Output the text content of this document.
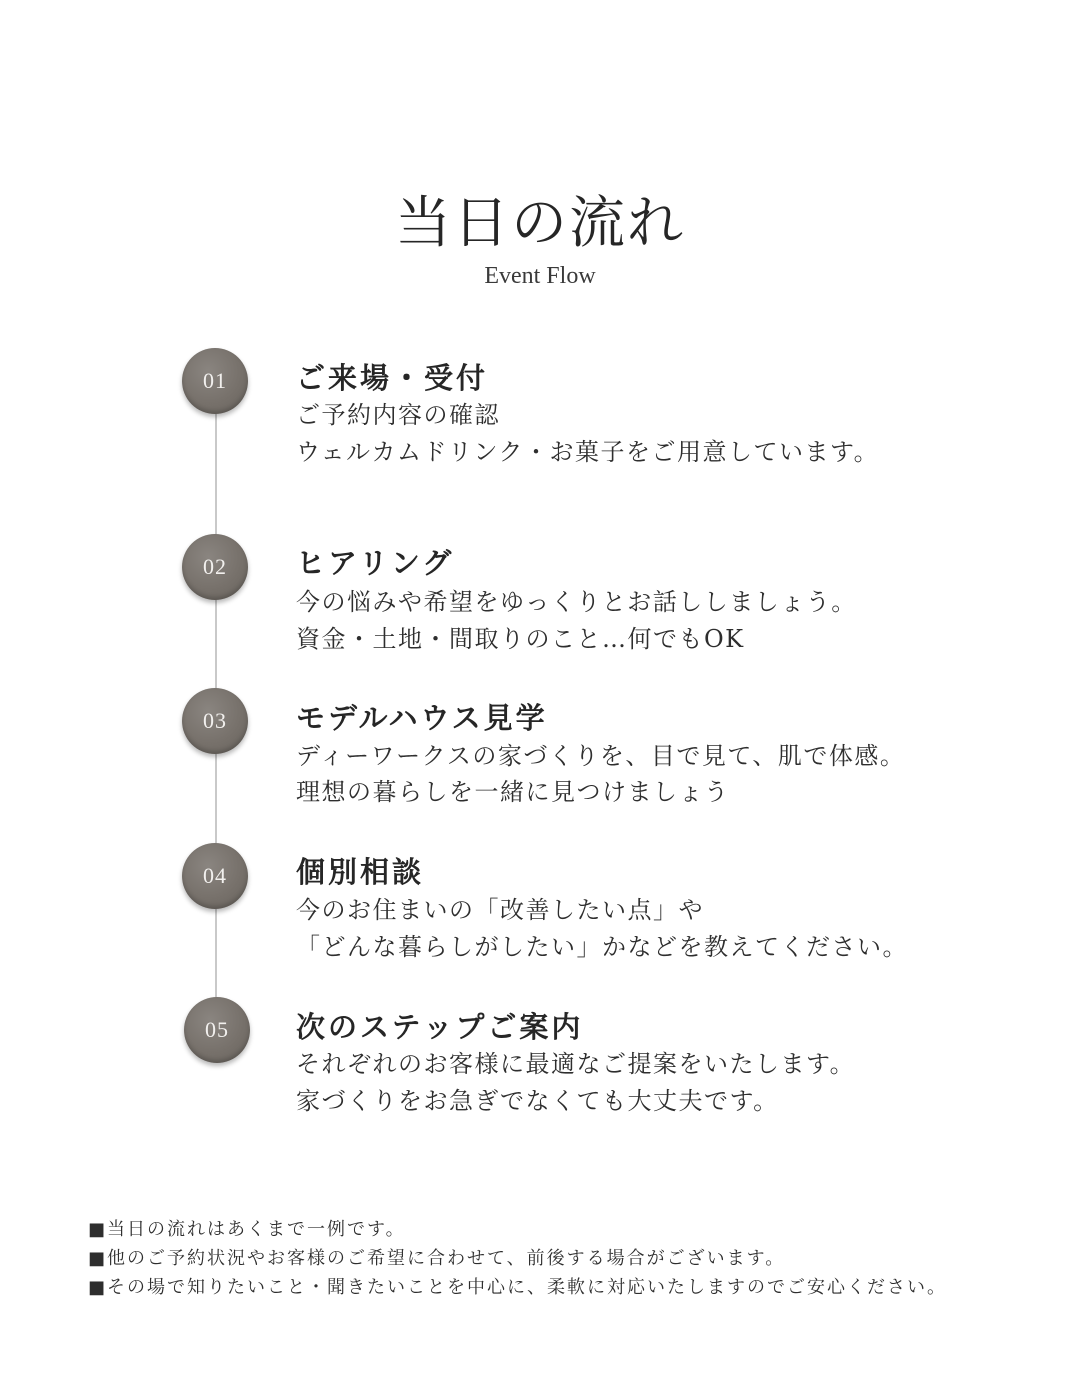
当日の流れ
Event Flow
01	ご来場・受付
ご予約内容の確認
ウェルカムドリンク・お菓子をご用意しています。
02	ヒアリング
今の悩みや希望をゆっくりとお話ししましょう。
資金・土地・間取りのこと…何でもOK
03	モデルハウス見学
ディーワークスの家づくりを、目で見て、肌で体感。
理想の暮らしを一緒に見つけましょう
04	個別相談
今のお住まいの「改善したい点」や
「どんな暮らしがしたい」かなどを教えてください。
05	次のステップご案内
それぞれのお客様に最適なご提案をいたします。
家づくりをお急ぎでなくても大丈夫です。
■当日の流れはあくまで一例です。
■他のご予約状況やお客様のご希望に合わせて、前後する場合がございます。
■その場で知りたいこと・聞きたいことを中心に、柔軟に対応いたしますのでご安心ください。
